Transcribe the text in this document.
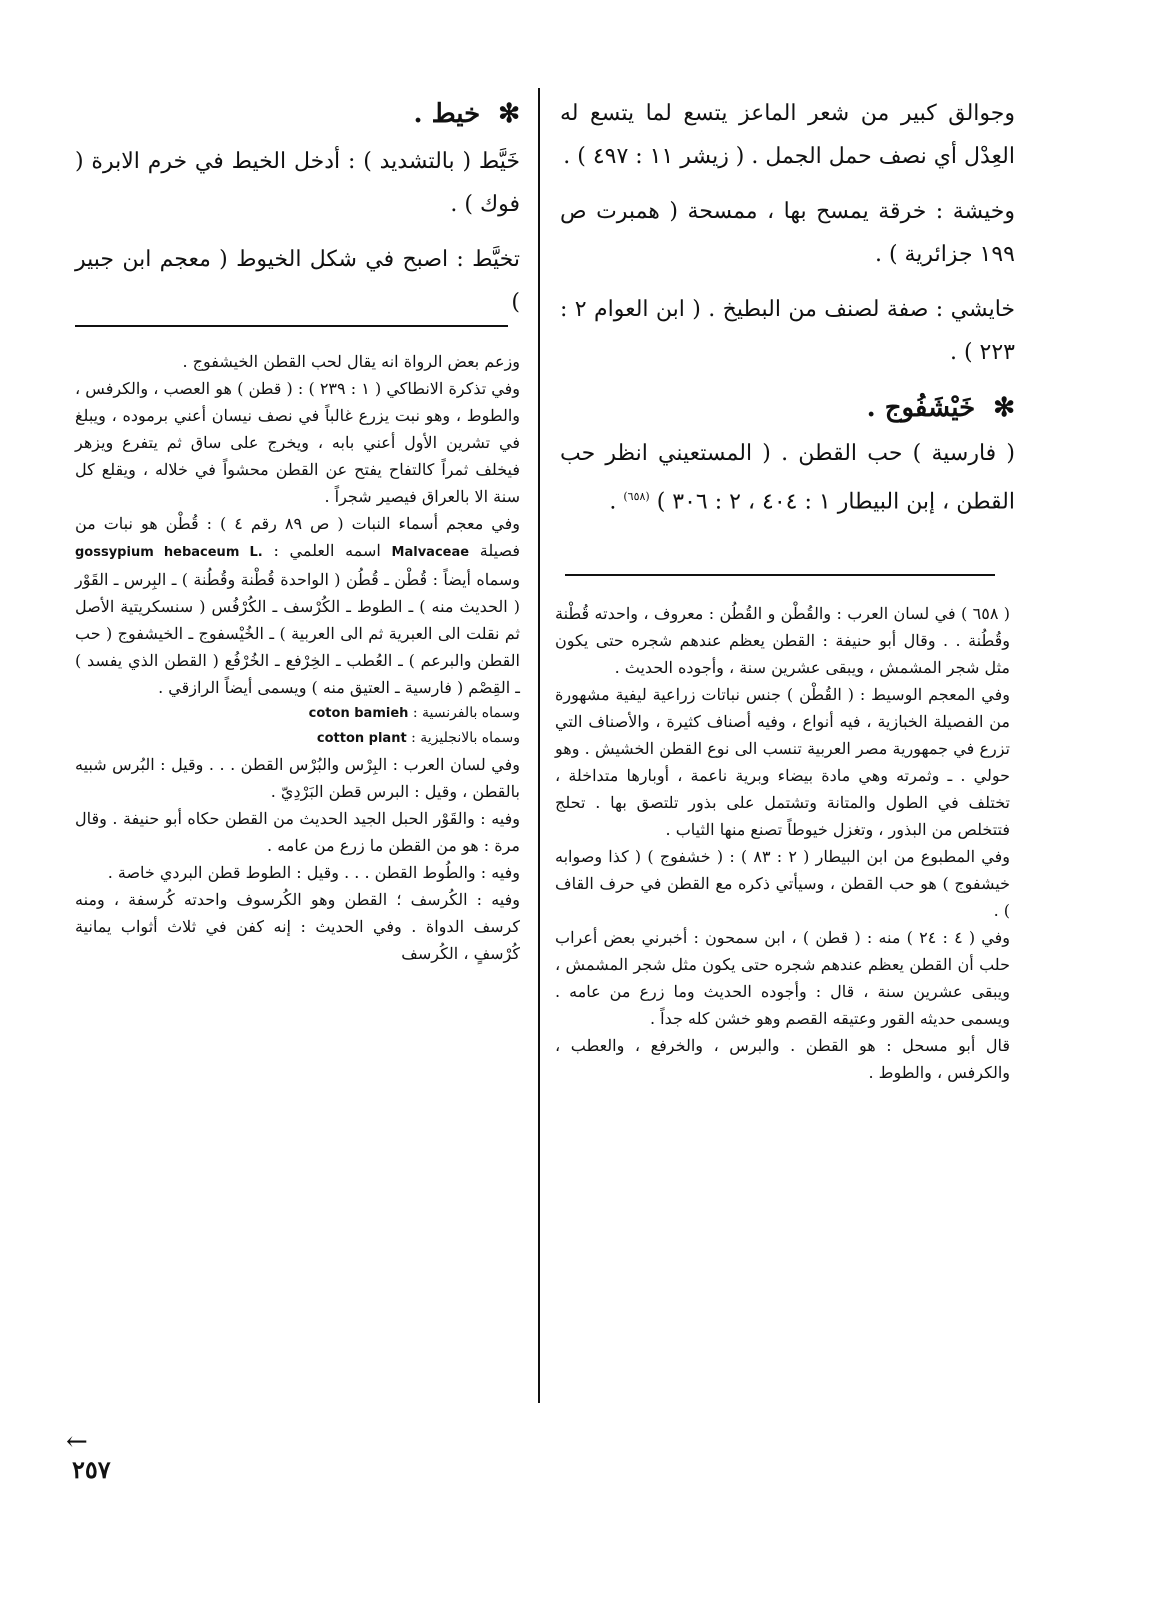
وجوالق كبير من شعر الماعز يتسع لما يتسع له العِدْل أي نصف حمل الجمل . ( زيشر ١١ : ٤٩٧ ) .

وخيشة : خرقة يمسح بها ، ممسحة ( همبرت ص ١٩٩ جزائرية ) .

خايشي : صفة لصنف من البطيخ . ( ابن العوام ٢ : ٢٢٣ ) .

✻خَيْشَفُوج .

( فارسية ) حب القطن . ( المستعيني انظر حب القطن ، إبن البيطار ١ : ٤٠٤ ، ٢ : ٣٠٦ ) $^{(٦٥٨)}$ .

( ٦٥٨ ) في لسان العرب : والقُطْن و القُطُن : معروف ، واحدته قُطْنة وقُطُنة . . وقال أبو حنيفة : القطن يعظم عندهم شجره حتى يكون مثل شجر المشمش ، ويبقى عشرين سنة ، وأجوده الحديث .

وفي المعجم الوسيط : ( القُطْن ) جنس نباتات زراعية ليفية مشهورة من الفصيلة الخبازية ، فيه أنواع ، وفيه أصناف كثيرة ، والأصناف التي تزرع في جمهورية مصر العربية تنسب الى نوع القطن الخشيش . وهو حولي . ـ وثمرته وهي مادة بيضاء وبرية ناعمة ، أوبارها متداخلة ، تختلف في الطول والمتانة وتشتمل على بذور تلتصق بها . تحلج فتتخلص من البذور ، وتغزل خيوطاً تصنع منها الثياب .

وفي المطبوع من ابن البيطار ( ٢ : ٨٣ ) : ( خشفوج ) ( كذا وصوابه خيشفوج ) هو حب القطن ، وسيأتي ذكره مع القطن في حرف القاف ) .

وفي ( ٤ : ٢٤ ) منه : ( قطن ) ، ابن سمحون : أخبرني بعض أعراب حلب أن القطن يعظم عندهم شجره حتى يكون مثل شجر المشمش ، ويبقى عشرين سنة ، قال : وأجوده الحديث وما زرع من عامه . ويسمى حديثه القور وعتيقه القصم وهو خشن كله جداً .

قال أبو مسحل : هو القطن . والبرس ، والخرفع ، والعطب ، والكرفس ، والطوط .

✻خيط .

خَيَّط ( بالتشديد ) : أدخل الخيط في خرم الابرة ( فوك ) .

تخيَّط : اصبح في شكل الخيوط ( معجم ابن جبير )

وزعم بعض الرواة انه يقال لحب القطن الخيشفوج .

وفي تذكرة الانطاكي ( ١ : ٢٣٩ ) : ( قطن ) هو العصب ، والكرفس ، والطوط ، وهو نبت يزرع غالباً في نصف نيسان أعني برموده ، ويبلغ في تشرين الأول أعني بابه ، ويخرج على ساق ثم يتفرع ويزهر فيخلف ثمراً كالتفاح يفتح عن القطن محشواً في خلاله ، ويقلع كل سنة الا بالعراق فيصير شجراً .

وفي معجم أسماء النبات ( ص ٨٩ رقم ٤ ) : قُطْن هو نبات من فصيلة Malvaceae اسمه العلمي : gossypium hebaceum L. وسماه أيضاً : قُطْن ـ قُطُن ( الواحدة قُطْنة وقُطُنة ) ـ البِرس ـ القَوْر ( الحديث منه ) ـ الطوط ـ الكُرْسف ـ الكُرْفُس ( سنسكريتية الأصل ثم نقلت الى العبرية ثم الى العربية ) ـ الخُيْسفوج ـ الخيشفوج ( حب القطن والبرعم ) ـ العُطب ـ الخِرْفع ـ الخُرْفُع ( القطن الذي يفسد ) ـ القِصْم ( فارسية ـ العتيق منه ) ويسمى أيضاً الرازقي .

وسماه بالفرنسية : coton bamieh

وسماه بالانجليزية : cotton plant

وفي لسان العرب : البِرْس والبُرْس القطن . . . وقيل : البُرس شبيه بالقطن ، وقيل : البرس قطن البَرْدِيّ .

وفيه : والقَوْر الحبل الجيد الحديث من القطن حكاه أبو حنيفة . وقال مرة : هو من القطن ما زرع من عامه .

وفيه : والطُوط القطن . . . وقيل : الطوط قطن البردي خاصة .

وفيه : الكُرسف ؛ القطن وهو الكُرسوف واحدته كُرسفة ، ومنه كرسف الدواة . وفي الحديث : إنه كفن في ثلاث أثواب يمانية كُرْسفٍ ، الكُرسف

←
٢٥٧
